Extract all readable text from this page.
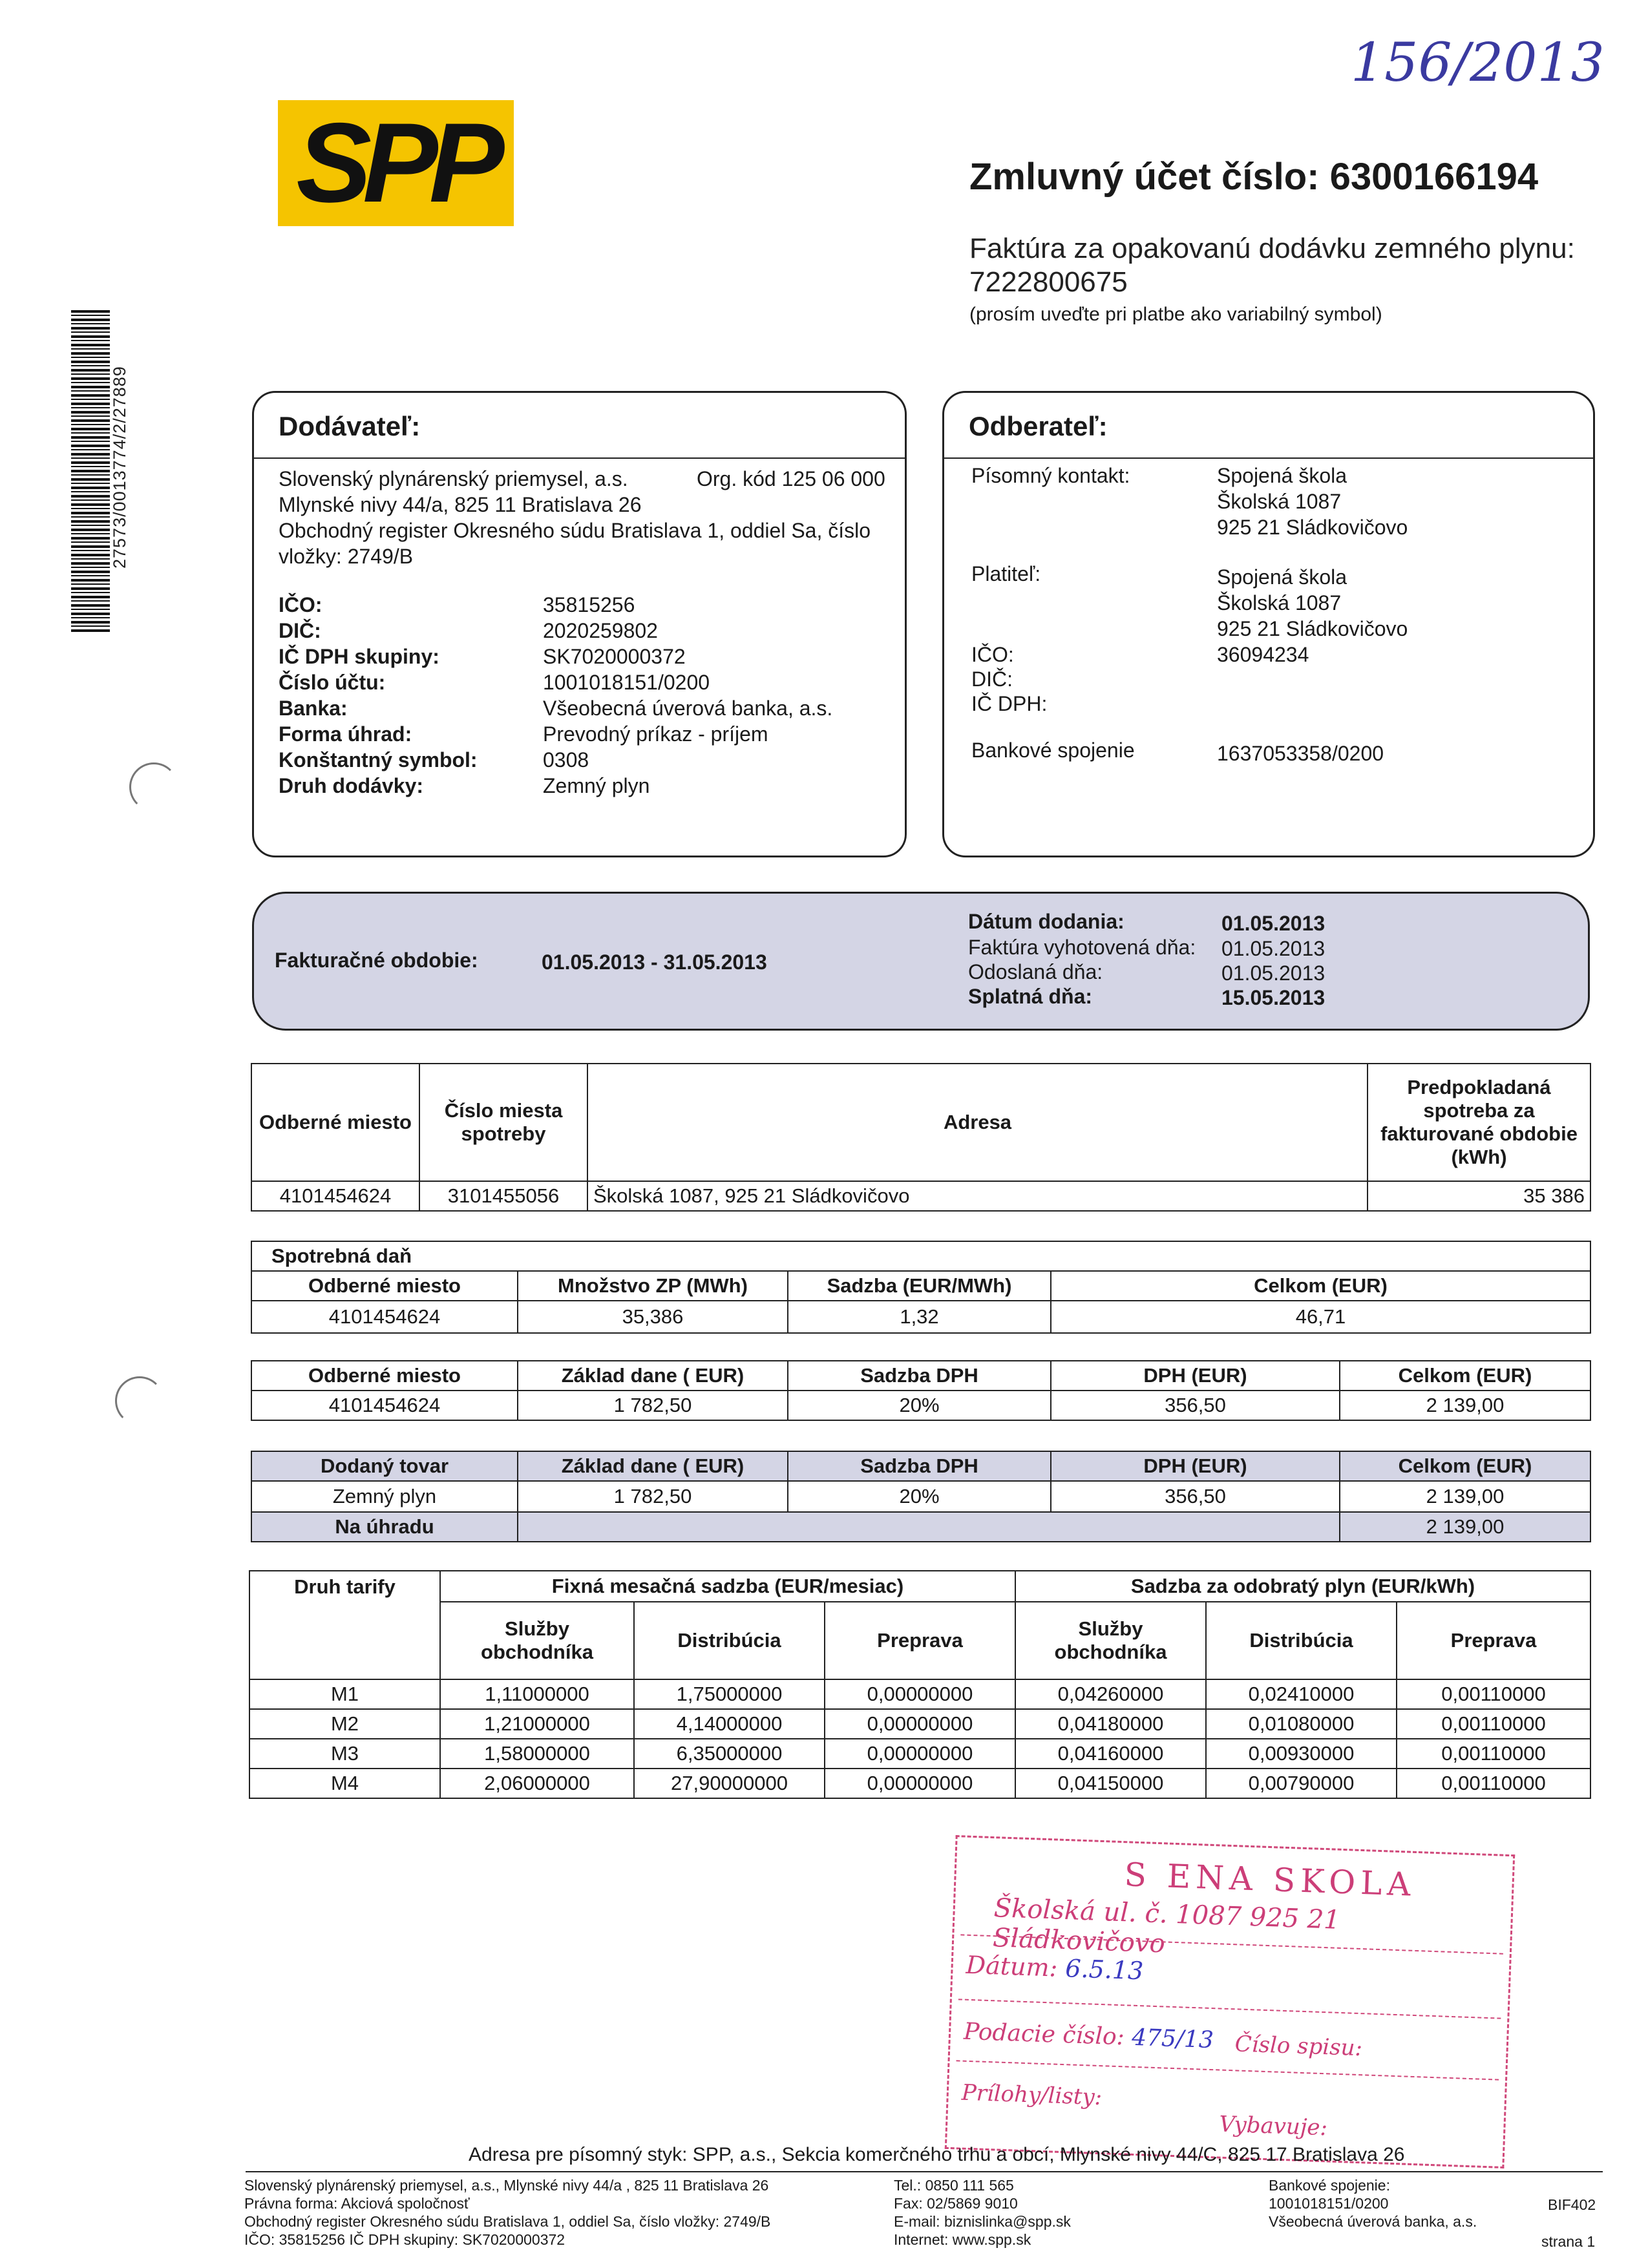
SPP
156/2013
27573/0013774/2/27889
Zmluvný účet číslo: 6300166194
Faktúra za opakovanú dodávku zemného plynu:
7222800675
(prosím uveďte pri platbe ako variabilný symbol)
Dodávateľ:
Slovenský plynárenský priemysel, a.s.	Org. kód 125 06 000
Mlynské nivy 44/a, 825 11 Bratislava 26
Obchodný register Okresného súdu Bratislava 1, oddiel Sa, číslo
vložky: 2749/B
IČO:	35815256
DIČ:	2020259802
IČ DPH skupiny:	SK7020000372
Číslo účtu:	1001018151/0200
Banka:	Všeobecná úverová banka, a.s.
Forma úhrad:	Prevodný príkaz - príjem
Konštantný symbol:	0308
Druh dodávky:	Zemný plyn
Odberateľ:
Písomný kontakt:	Spojená škola
Školská 1087
925 21 Sládkovičovo
Platiteľ:	Spojená škola
Školská 1087
925 21 Sládkovičovo
IČO:	36094234
DIČ:
IČ DPH:
Bankové spojenie	1637053358/0200
Fakturačné obdobie:	01.05.2013 - 31.05.2013
Dátum dodania:	01.05.2013
Faktúra vyhotovená dňa: 01.05.2013
Odoslaná dňa:	01.05.2013
Splatná dňa:	15.05.2013
Odberné miesto	Číslo miesta spotreby	Adresa	Predpokladaná spotreba za fakturované obdobie (kWh)
4101454624	3101455056	Školská 1087, 925 21 Sládkovičovo	35 386
Spotrebná daň			
Odberné miesto	Množstvo ZP (MWh)	Sadzba (EUR/MWh)	Celkom (EUR)
4101454624	35,386	1,32	46,71
Odberné miesto	Základ dane ( EUR)	Sadzba DPH	DPH (EUR)	Celkom (EUR)
4101454624	1 782,50	20%	356,50	2 139,00
Dodaný tovar	Základ dane ( EUR)	Sadzba DPH	DPH (EUR)	Celkom (EUR)
Zemný plyn	1 782,50	20%	356,50	2 139,00
Na úhradu				2 139,00
Druh tarify	Fixná mesačná sadzba (EUR/mesiac)			Sadzba za odobratý plyn (EUR/kWh)		
	Služby obchodníka	Distribúcia	Preprava	Služby obchodníka	Distribúcia	Preprava
M1	1,11000000	1,75000000	0,00000000	0,04260000	0,02410000	0,00110000
M2	1,21000000	4,14000000	0,00000000	0,04180000	0,01080000	0,00110000
M3	1,58000000	6,35000000	0,00000000	0,04160000	0,00930000	0,00110000
M4	2,06000000	27,90000000	0,00000000	0,04150000	0,00790000	0,00110000
S ENA SKOLA
Školská ul. č. 1087 925 21 Sládkovičovo
Dátum: 6.5.13
Podacie číslo: 475/13 Číslo spisu:
Prílohy/listy:
Vybavuje:
Adresa pre písomný styk: SPP, a.s., Sekcia komerčného trhu a obcí, Mlynské nivy 44/C, 825 17 Bratislava 26
Slovenský plynárenský priemysel, a.s., Mlynské nivy 44/a , 825 11 Bratislava 26
Právna forma: Akciová spoločnosť
Obchodný register Okresného súdu Bratislava 1, oddiel Sa, číslo vložky: 2749/B
IČO: 35815256 IČ DPH skupiny: SK7020000372
Tel.: 0850 111 565
Fax: 02/5869 9010
E-mail: biznislinka@spp.sk
Internet: www.spp.sk
Bankové spojenie:
1001018151/0200
Všeobecná úverová banka, a.s.
BIF402
strana 1
